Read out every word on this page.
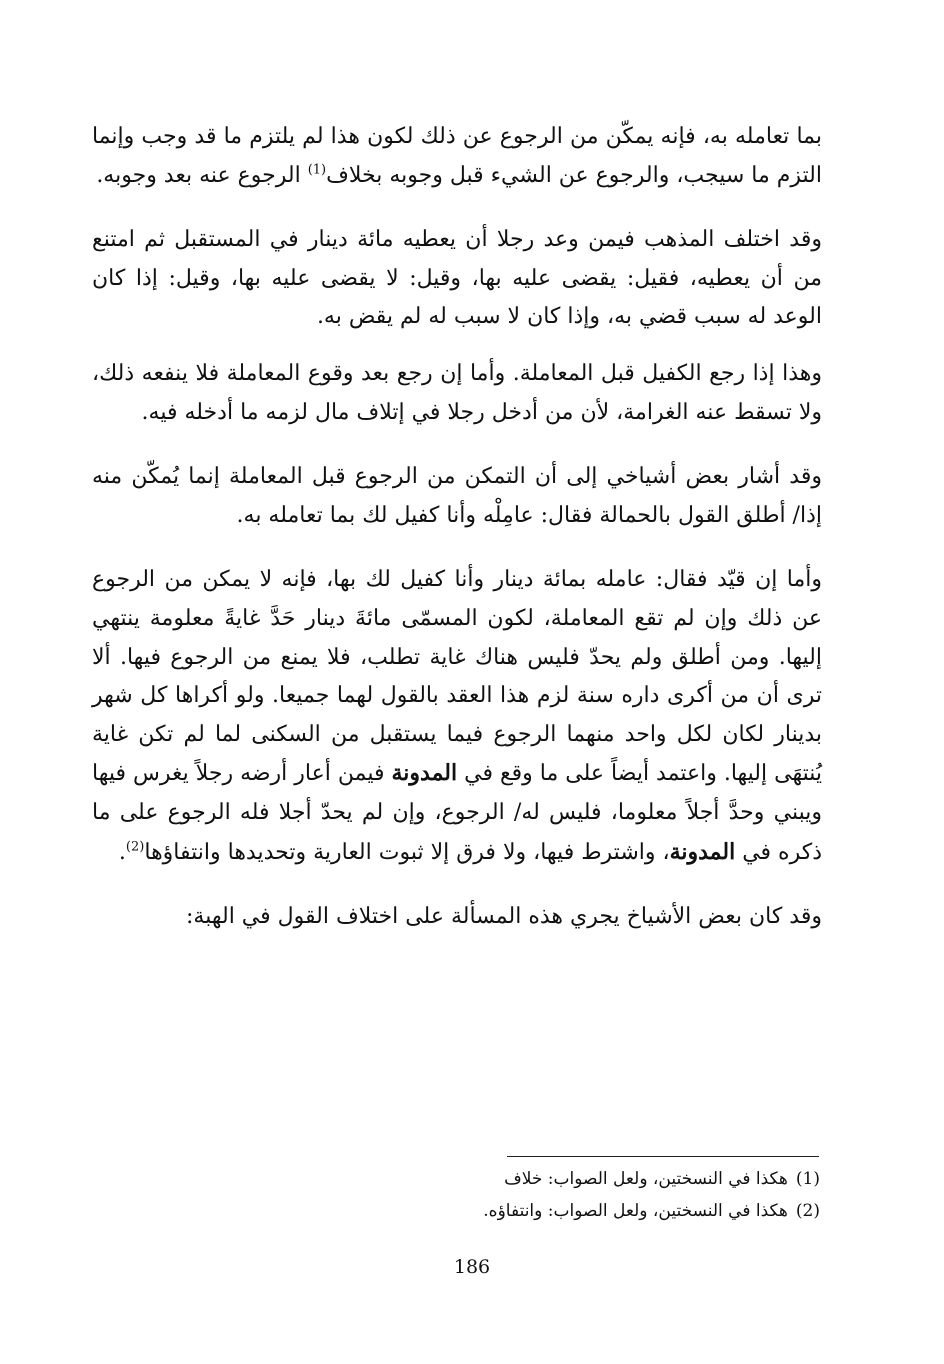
بما تعامله به، فإنه يمكّن من الرجوع عن ذلك لكون هذا لم يلتزم ما قد وجب وإنما التزم ما سيجب، والرجوع عن الشيء قبل وجوبه بخلاف$^{(1)}$ الرجوع عنه بعد وجوبه.

وقد اختلف المذهب فيمن وعد رجلا أن يعطيه مائة دينار في المستقبل ثم امتنع من أن يعطيه، فقيل: يقضى عليه بها، وقيل: لا يقضى عليه بها، وقيل: إذا كان الوعد له سبب قضي به، وإذا كان لا سبب له لم يقض به.

وهذا إذا رجع الكفيل قبل المعاملة. وأما إن رجع بعد وقوع المعاملة فلا ينفعه ذلك، ولا تسقط عنه الغرامة، لأن من أدخل رجلا في إتلاف مال لزمه ما أدخله فيه.

وقد أشار بعض أشياخي إلى أن التمكن من الرجوع قبل المعاملة إنما يُمكّن منه إذا/ أطلق القول بالحمالة فقال: عامِلْه وأنا كفيل لك بما تعامله به.

وأما إن قيّد فقال: عامله بمائة دينار وأنا كفيل لك بها، فإنه لا يمكن من الرجوع عن ذلك وإن لم تقع المعاملة، لكون المسمّى مائةَ دينار حَدَّ غايةً معلومة ينتهي إليها. ومن أطلق ولم يحدّ فليس هناك غاية تطلب، فلا يمنع من الرجوع فيها. ألا ترى أن من أكرى داره سنة لزم هذا العقد بالقول لهما جميعا. ولو أكراها كل شهر بدينار لكان لكل واحد منهما الرجوع فيما يستقبل من السكنى لما لم تكن غاية يُنتهَى إليها. واعتمد أيضاً على ما وقع في المدونة فيمن أعار أرضه رجلاً يغرس فيها ويبني وحدَّ أجلاً معلوما، فليس له/ الرجوع، وإن لم يحدّ أجلا فله الرجوع على ما ذكره في المدونة، واشترط فيها، ولا فرق إلا ثبوت العارية وتحديدها وانتفاؤها$^{(2)}$.

وقد كان بعض الأشياخ يجري هذه المسألة على اختلاف القول في الهبة:

(1)هكذا في النسختين، ولعل الصواب: خلاف

(2)هكذا في النسختين، ولعل الصواب: وانتفاؤه.

186
